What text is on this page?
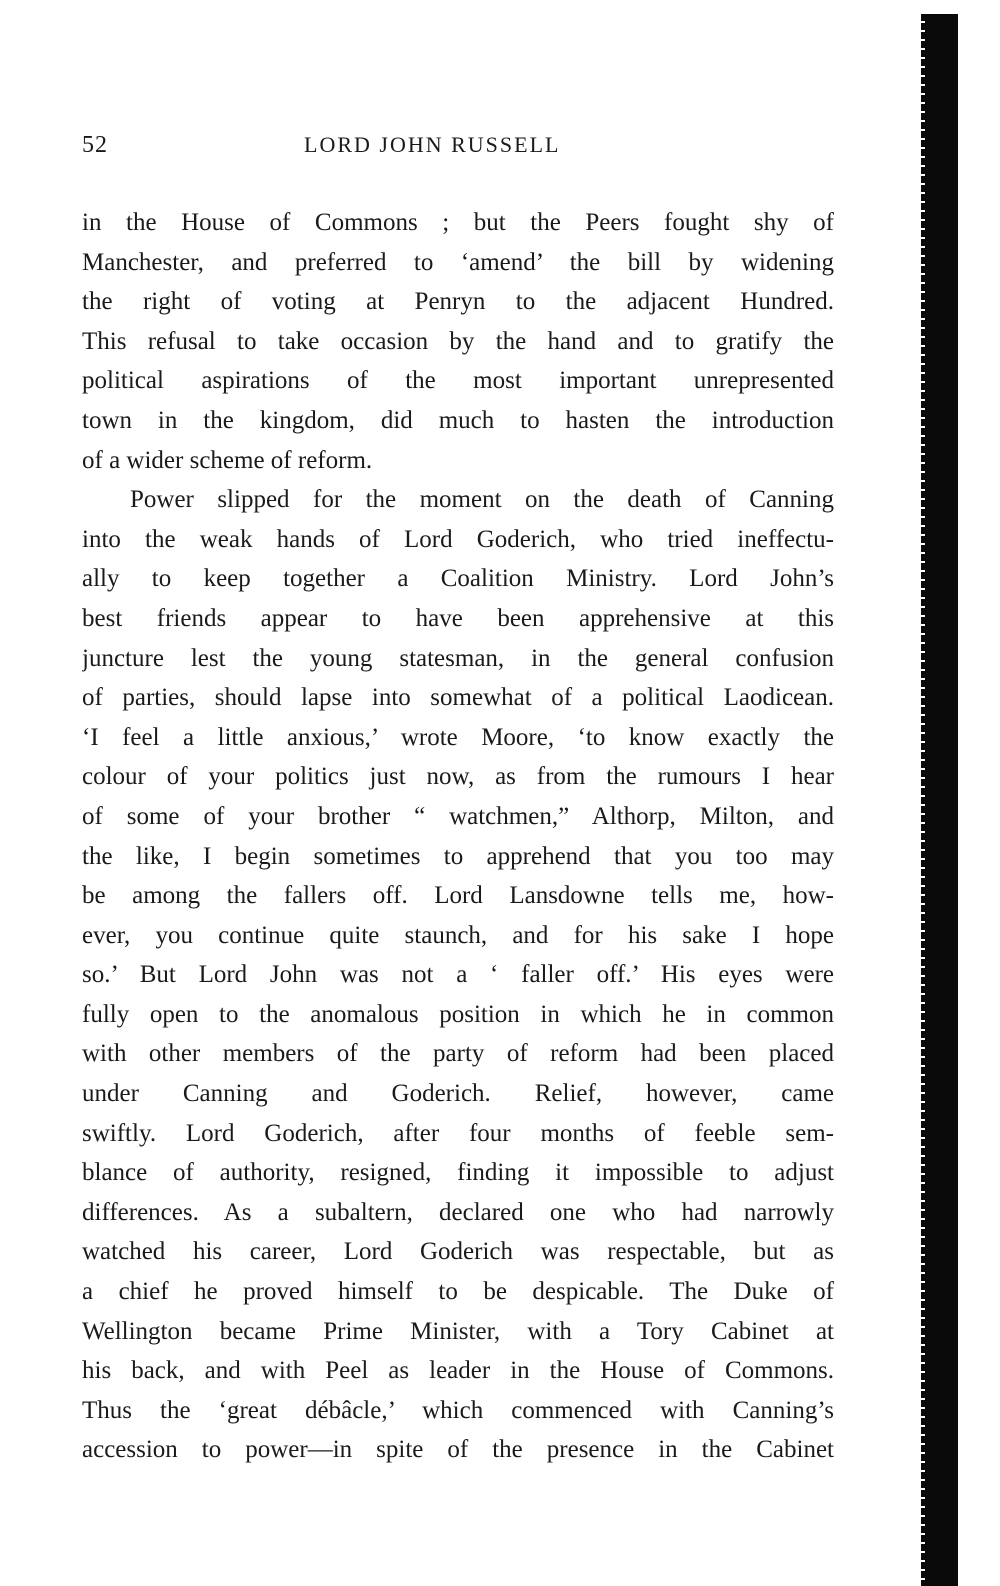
52	LORD JOHN RUSSELL
in the House of Commons ; but the Peers fought shy of
Manchester, and preferred to ‘amend’ the bill by widening
the right of voting at Penryn to the adjacent Hundred.
This refusal to take occasion by the hand and to gratify the
political aspirations of the most important unrepresented
town in the kingdom, did much to hasten the introduction
of a wider scheme of reform.
Power slipped for the moment on the death of Canning
into the weak hands of Lord Goderich, who tried ineffectu-
ally to keep together a Coalition Ministry. Lord John’s
best friends appear to have been apprehensive at this
juncture lest the young statesman, in the general confusion
of parties, should lapse into somewhat of a political Laodicean.
‘I feel a little anxious,’ wrote Moore, ‘to know exactly the
colour of your politics just now, as from the rumours I hear
of some of your brother “ watchmen,” Althorp, Milton, and
the like, I begin sometimes to apprehend that you too may
be among the fallers off. Lord Lansdowne tells me, how-
ever, you continue quite staunch, and for his sake I hope
so.’ But Lord John was not a ‘ faller off.’ His eyes were
fully open to the anomalous position in which he in common
with other members of the party of reform had been placed
under Canning and Goderich. Relief, however, came
swiftly. Lord Goderich, after four months of feeble sem-
blance of authority, resigned, finding it impossible to adjust
differences. As a subaltern, declared one who had narrowly
watched his career, Lord Goderich was respectable, but as
a chief he proved himself to be despicable. The Duke of
Wellington became Prime Minister, with a Tory Cabinet at
his back, and with Peel as leader in the House of Commons.
Thus the ‘great débâcle,’ which commenced with Canning’s
accession to power—in spite of the presence in the Cabinet
